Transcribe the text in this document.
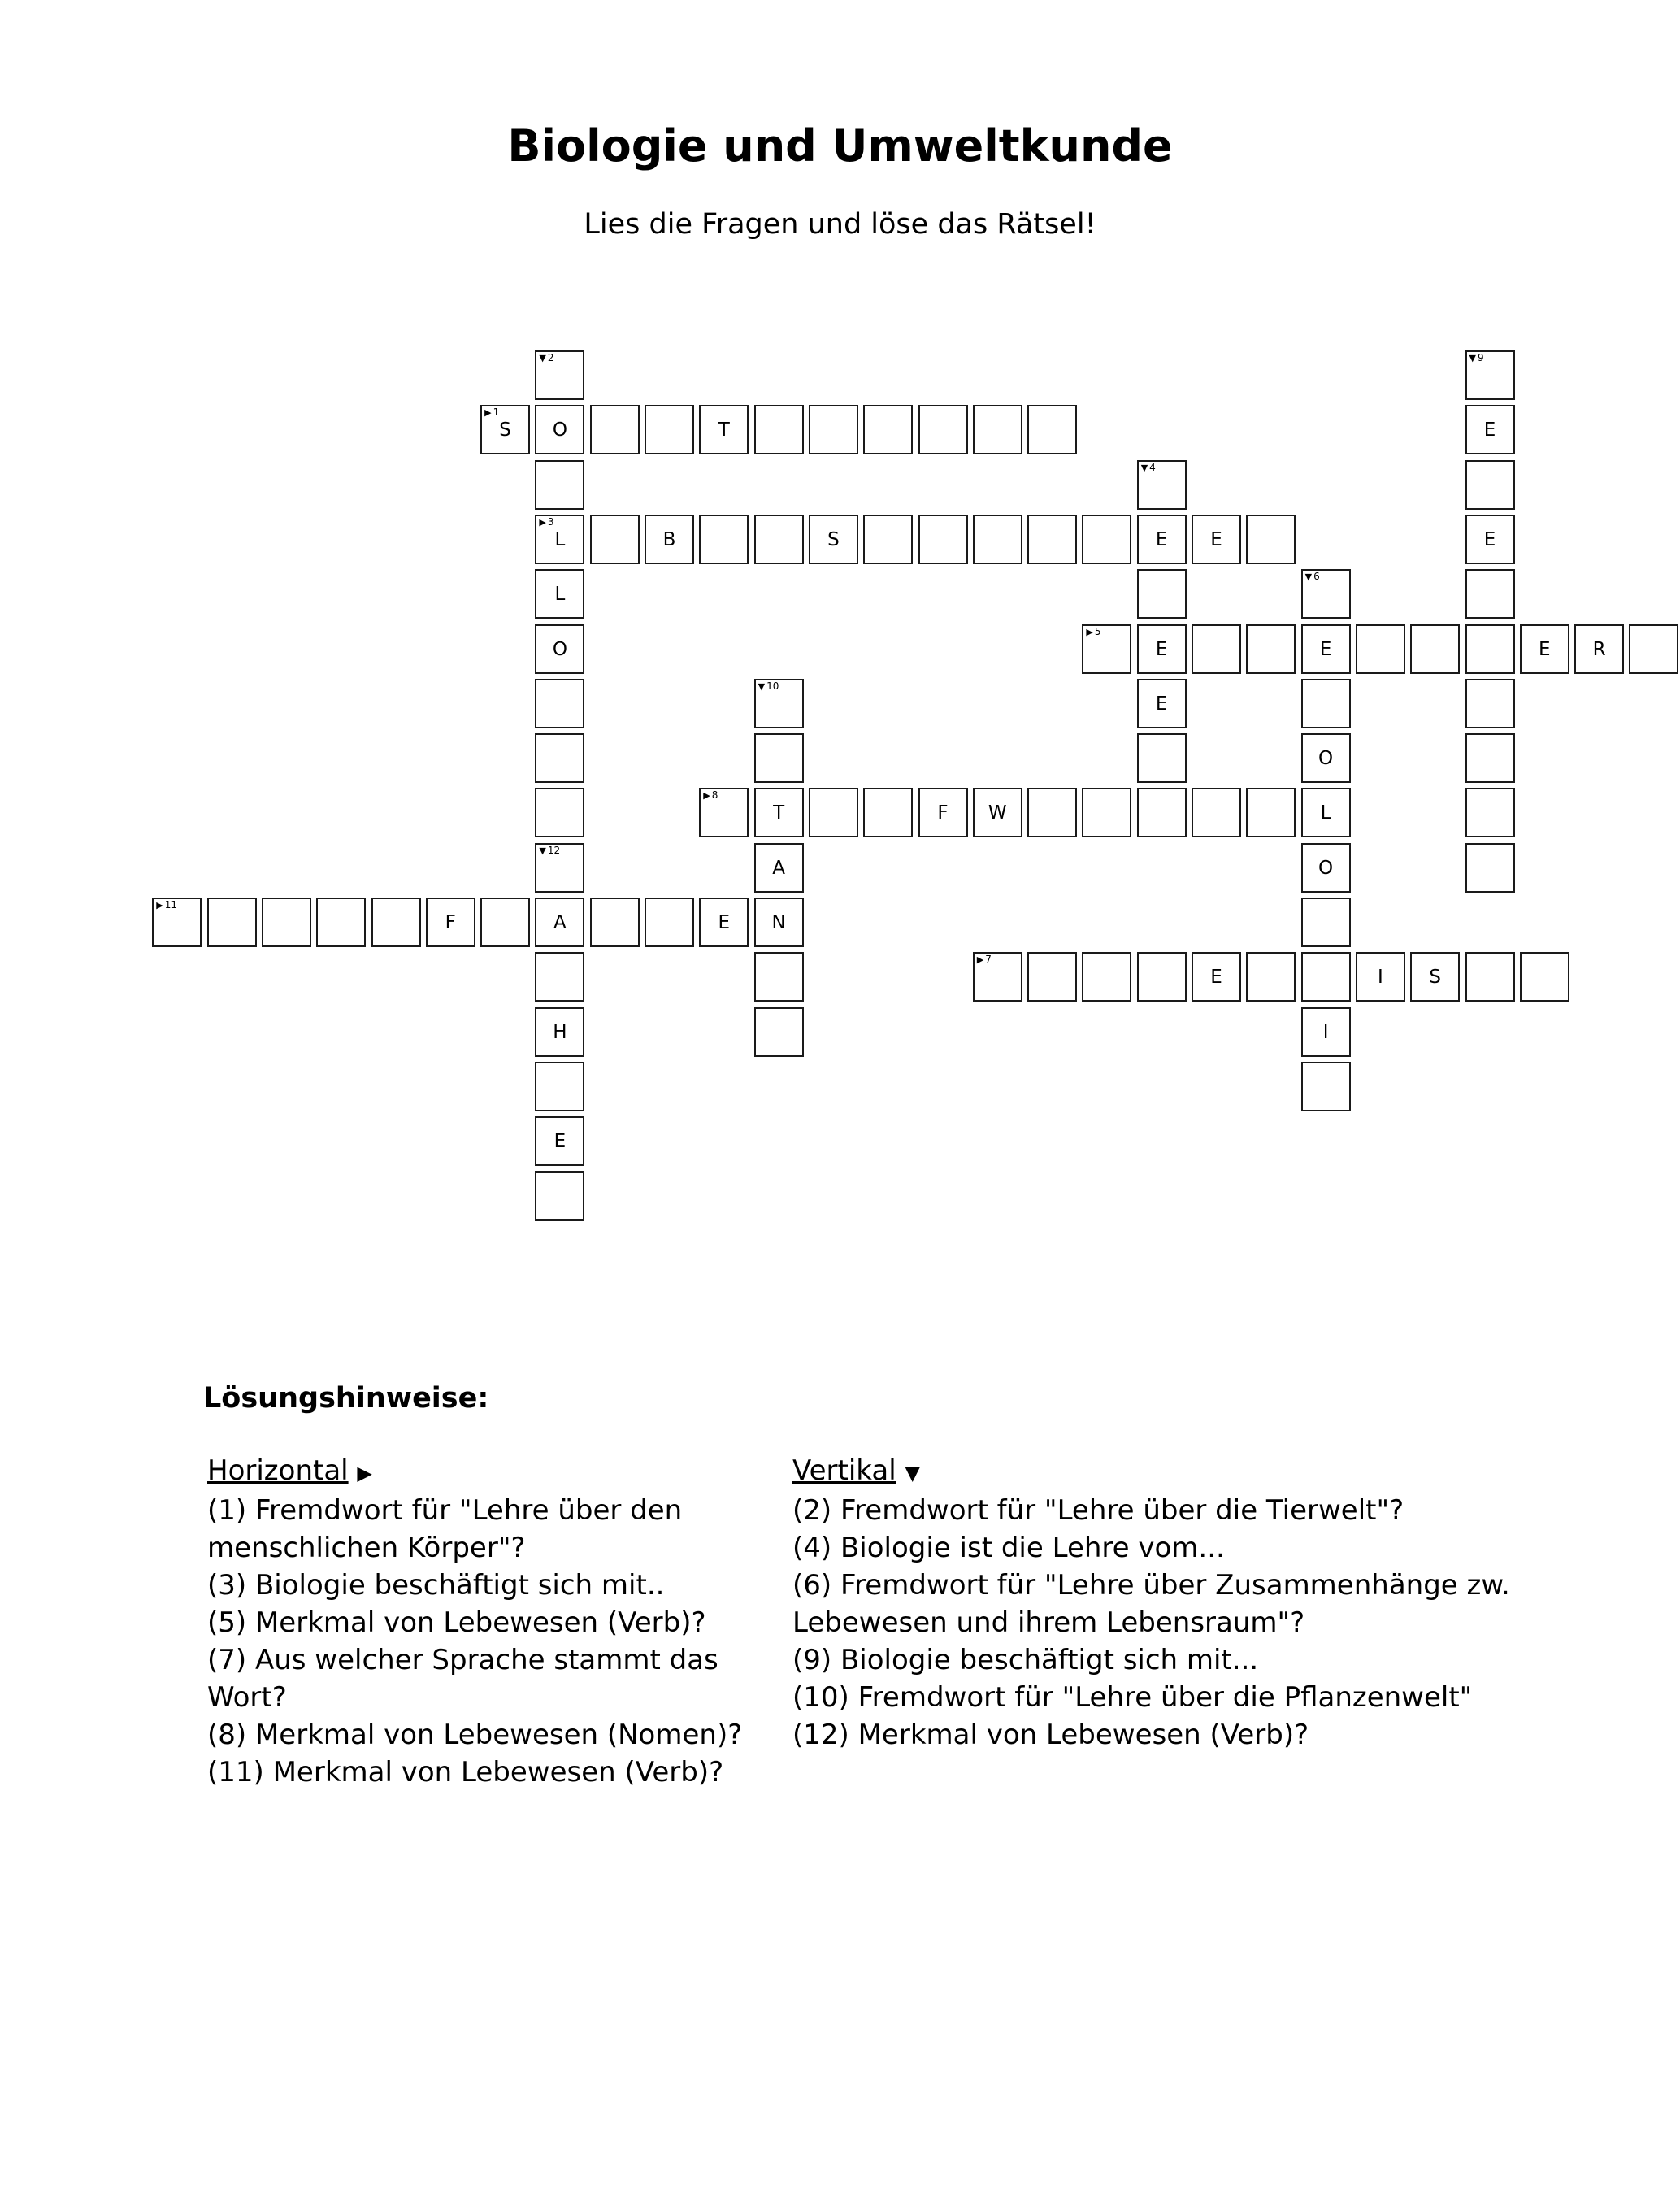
Biologie und Umweltkunde
Lies die Fragen und löse das Rätsel!
▶ 1
S	O	T
▼ 2
▶ 3
L
L
O
▼ 12
B	S	E	E
▼ 4
E
E
▶ 5
E	E	R
▼ 6
O
L
O
I
▶ 7
E	I	S
▶ 8
T	F	W
▼ 9
E
E
▼ 10
A
N
▶ 11
F	A	E
H
E
Lösungshinweise:
Horizontal ▶
(1) Fremdwort für "Lehre über den menschlichen Körper"?
(3) Biologie beschäftigt sich mit..
(5) Merkmal von Lebewesen (Verb)?
(7) Aus welcher Sprache stammt das Wort?
(8) Merkmal von Lebewesen (Nomen)?
(11) Merkmal von Lebewesen (Verb)?
Vertikal ▼
(2) Fremdwort für "Lehre über die Tierwelt"?
(4) Biologie ist die Lehre vom...
(6) Fremdwort für "Lehre über Zusammenhänge zw. Lebewesen und ihrem Lebensraum"?
(9) Biologie beschäftigt sich mit...
(10) Fremdwort für "Lehre über die Pflanzenwelt"
(12) Merkmal von Lebewesen (Verb)?
